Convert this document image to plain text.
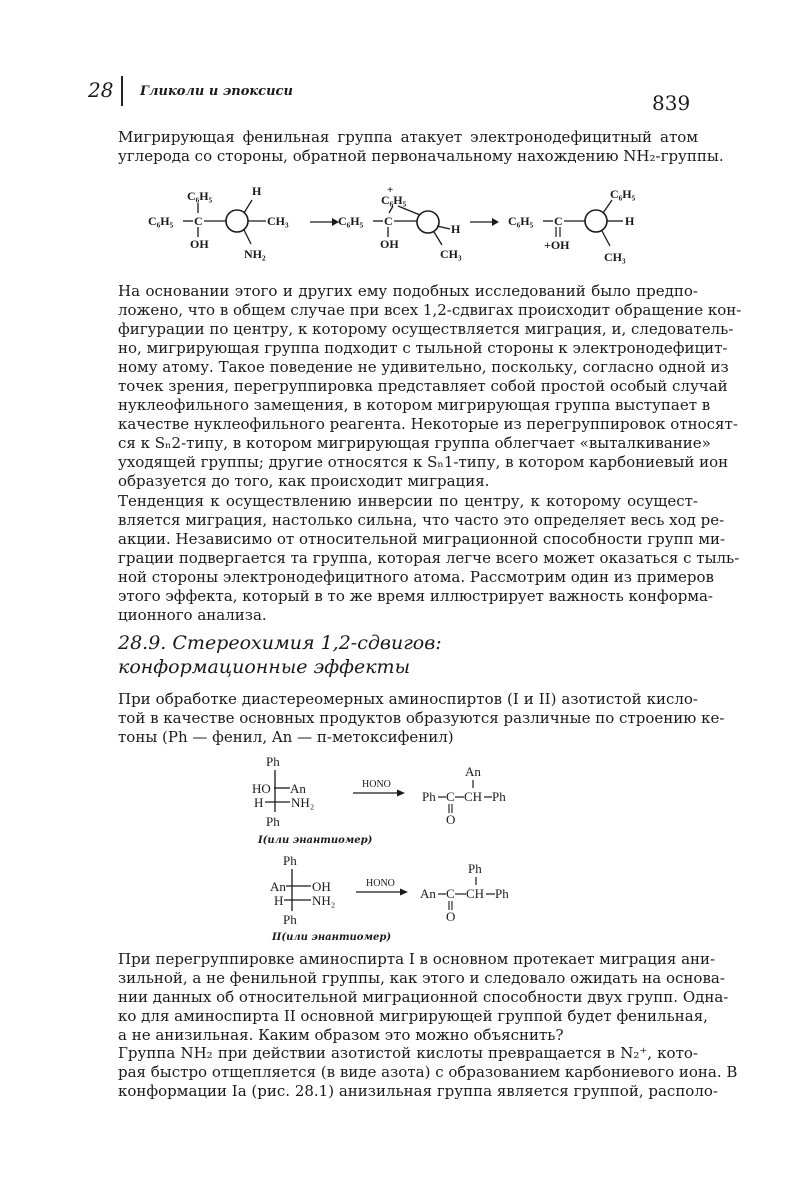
28 Гликоли и эпоксиси	839

Мигрирующая фенильная группа атакует электронодефицитный атом
углерода со стороны, обратной первоначальному нахождению NH₂-группы.

C₆H₅
C₆H₅ C
OH
H
CH₃
NH₂
+
C₆H₅
C₆H₅ C
OH
H
CH₃
C₆H₅ C
+OH
C₆H₅
H
CH₃

На основании этого и других ему подобных исследований было предпо-
ложено, что в общем случае при всех 1,2-сдвигах происходит обращение кон-
фигурации по центру, к которому осуществляется миграция, и, следователь-
но, мигрирующая группа подходит с тыльной стороны к электронодефицит-
ному атому. Такое поведение не удивительно, поскольку, согласно одной из
точек зрения, перегруппировка представляет собой простой особый случай
нуклеофильного замещения, в котором мигрирующая группа выступает в
качестве нуклеофильного реагента. Некоторые из перегруппировок относят-
ся к Sₙ2-типу, в котором мигрирующая группа облегчает «выталкивание»
уходящей группы; другие относятся к Sₙ1-типу, в котором карбониевый ион
образуется до того, как происходит миграция.

Тенденция к осуществлению инверсии по центру, к которому осущест-
вляется миграция, настолько сильна, что часто это определяет весь ход ре-
акции. Независимо от относительной миграционной способности групп ми-
грации подвергается та группа, которая легче всего может оказаться с тыль-
ной стороны электронодефицитного атома. Рассмотрим один из примеров
этого эффекта, который в то же время иллюстрирует важность конформа-
ционного анализа.

28.9. Стереохимия 1,2-сдвигов:
конформационные эффекты

При обработке диастереомерных аминоспиртов (I и II) азотистой кисло-
той в качестве основных продуктов образуются различные по строению ке-
тоны (Ph — фенил, An — п-метоксифенил)

Ph
HO An
H NH₂
Ph
HONO
An
Ph C CH Ph
O
Ph
An OH
H NH₂
Ph
HONO
Ph
An C CH Ph
O
I(или энантиомер)
II(или энантиомер)

При перегруппировке аминоспирта I в основном протекает миграция ани-
зильной, а не фенильной группы, как этого и следовало ожидать на основа-
нии данных об относительной миграционной способности двух групп. Одна-
ко для аминоспирта II основной мигрирующей группой будет фенильная,
а не анизильная. Каким образом это можно объяснить?

Группа NH₂ при действии азотистой кислоты превращается в N₂⁺, кото-
рая быстро отщепляется (в виде азота) с образованием карбониевого иона. В
конформации Ia (рис. 28.1) анизильная группа является группой, располо-
